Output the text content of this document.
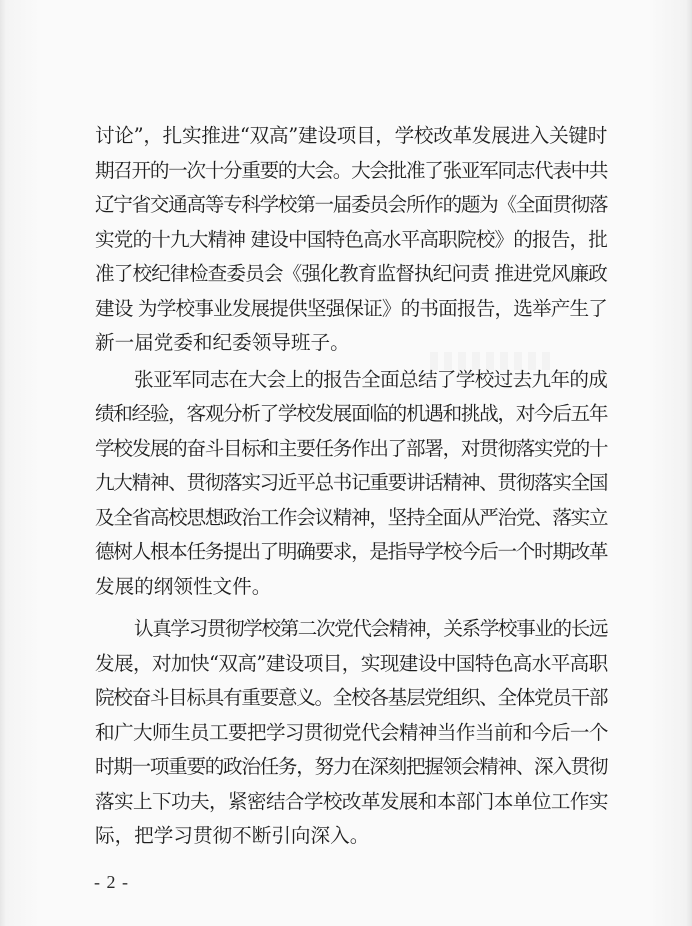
讨论”，扎实推进“双高”建设项目，学校改革发展进入关键时
期召开的一次十分重要的大会。大会批准了张亚军同志代表中共
辽宁省交通高等专科学校第一届委员会所作的题为《全面贯彻落
实党的十九大精神 建设中国特色高水平高职院校》的报告，批
准了校纪律检查委员会《强化教育监督执纪问责 推进党风廉政
建设 为学校事业发展提供坚强保证》的书面报告，选举产生了
新一届党委和纪委领导班子。
张亚军同志在大会上的报告全面总结了学校过去九年的成
绩和经验，客观分析了学校发展面临的机遇和挑战，对今后五年
学校发展的奋斗目标和主要任务作出了部署，对贯彻落实党的十
九大精神、贯彻落实习近平总书记重要讲话精神、贯彻落实全国
及全省高校思想政治工作会议精神，坚持全面从严治党、落实立
德树人根本任务提出了明确要求，是指导学校今后一个时期改革
发展的纲领性文件。
认真学习贯彻学校第二次党代会精神，关系学校事业的长远
发展，对加快“双高”建设项目，实现建设中国特色高水平高职
院校奋斗目标具有重要意义。全校各基层党组织、全体党员干部
和广大师生员工要把学习贯彻党代会精神当作当前和今后一个
时期一项重要的政治任务，努力在深刻把握领会精神、深入贯彻
落实上下功夫，紧密结合学校改革发展和本部门本单位工作实
际，把学习贯彻不断引向深入。
- 2 -
